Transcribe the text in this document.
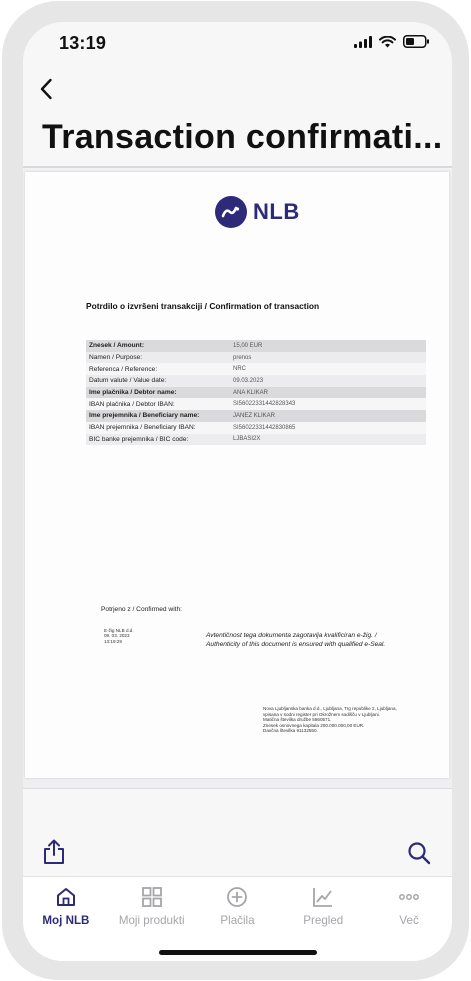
13:19
Transaction confirmati...
NLB
Potrdilo o izvršeni transakciji / Confirmation of transaction
Znesek / Amount:	15,00 EUR
Namen / Purpose:	prenos
Referenca / Reference:	NRC
Datum valute / Value date:	09.03.2023
Ime plačnika / Debtor name:	ANA KLIKAR
IBAN plačnika / Debtor IBAN:	SI56022331442828343
Ime prejemnika / Beneficiary name:	JANEZ KLIKAR
IBAN prejemnika / Beneficiary IBAN:	SI56022331442830865
BIC banke prejemnika / BIC code:	LJBASI2X
Potrjeno z / Confirmed with:
E-žig NLB d.d.
09. 03. 2023
13:19:29
Avtentičnost tega dokumenta zagotavlja kvalificiran e-žig. /
Authenticity of this document is ensured with qualified e-Seal.
Nova Ljubljanska banka d.d., Ljubljana, Trg republike 2, Ljubljana,
vpisana v sodni register pri Okrožnem sodišču v Ljubljani.
Matična številka družbe 5860571.
Znesek osnovnega kapitala 200.000.000,00 EUR.
Davčna številka 91132550.
Moj NLB	Moji produkti	Plačila	Pregled	Več
